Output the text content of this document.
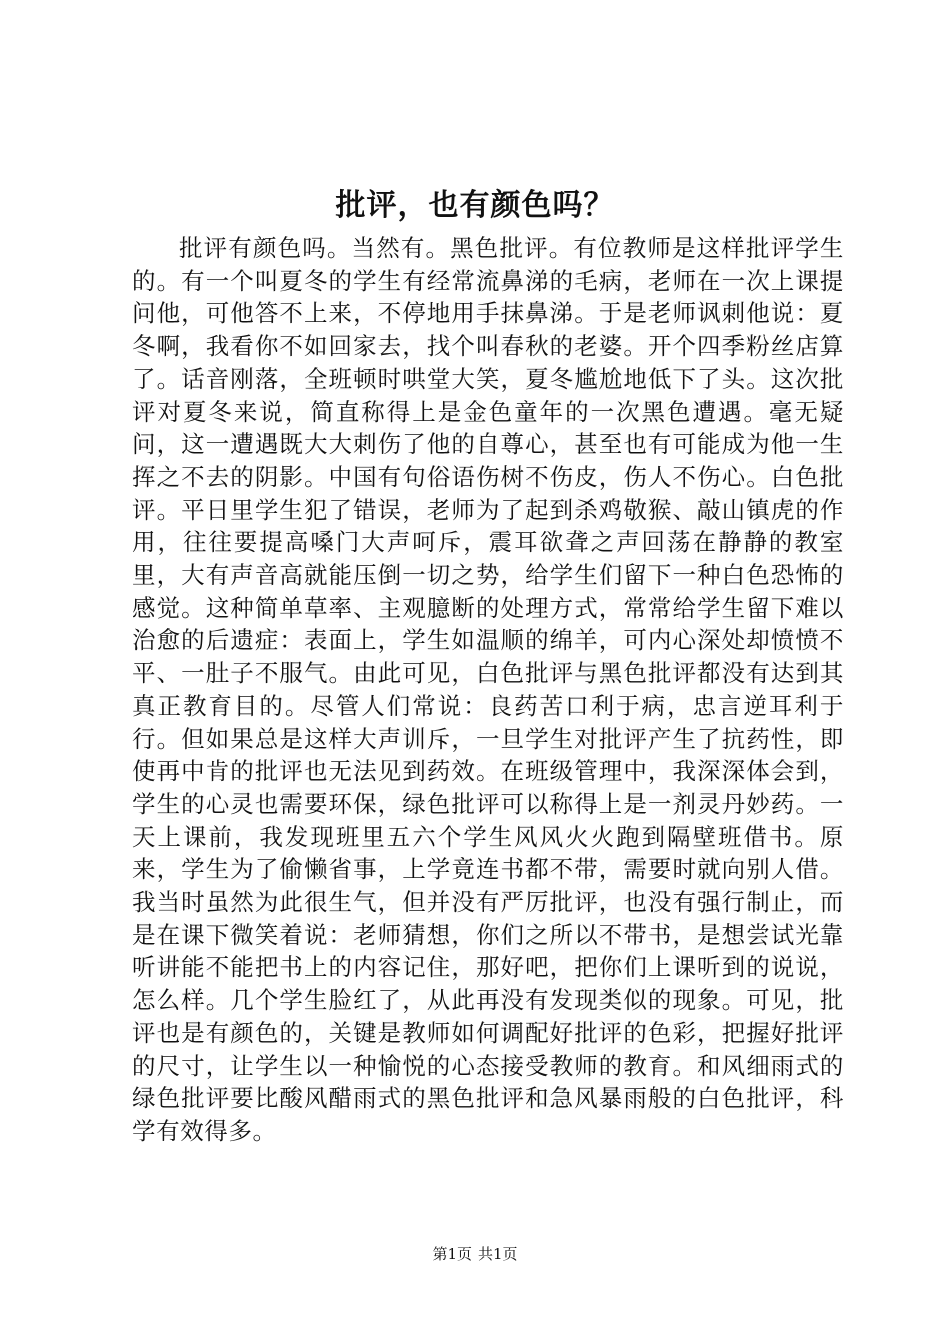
批评，也有颜色吗？

批评有颜色吗。当然有。黑色批评。有位教师是这样批评学生的。有一个叫夏冬的学生有经常流鼻涕的毛病，老师在一次上课提问他，可他答不上来，不停地用手抹鼻涕。于是老师讽刺他说：夏冬啊，我看你不如回家去，找个叫春秋的老婆。开个四季粉丝店算了。话音刚落，全班顿时哄堂大笑，夏冬尴尬地低下了头。这次批评对夏冬来说，简直称得上是金色童年的一次黑色遭遇。毫无疑问，这一遭遇既大大刺伤了他的自尊心，甚至也有可能成为他一生挥之不去的阴影。中国有句俗语伤树不伤皮，伤人不伤心。白色批评。平日里学生犯了错误，老师为了起到杀鸡敬猴、敲山镇虎的作用，往往要提高嗓门大声呵斥，震耳欲聋之声回荡在静静的教室里，大有声音高就能压倒一切之势，给学生们留下一种白色恐怖的感觉。这种简单草率、主观臆断的处理方式，常常给学生留下难以治愈的后遗症：表面上，学生如温顺的绵羊，可内心深处却愤愤不平、一肚子不服气。由此可见，白色批评与黑色批评都没有达到其真正教育目的。尽管人们常说：良药苦口利于病，忠言逆耳利于行。但如果总是这样大声训斥，一旦学生对批评产生了抗药性，即使再中肯的批评也无法见到药效。在班级管理中，我深深体会到，学生的心灵也需要环保，绿色批评可以称得上是一剂灵丹妙药。一天上课前，我发现班里五六个学生风风火火跑到隔壁班借书。原来，学生为了偷懒省事，上学竟连书都不带，需要时就向别人借。我当时虽然为此很生气，但并没有严厉批评，也没有强行制止，而是在课下微笑着说：老师猜想，你们之所以不带书，是想尝试光靠听讲能不能把书上的内容记住，那好吧，把你们上课听到的说说，怎么样。几个学生脸红了，从此再没有发现类似的现象。可见，批评也是有颜色的，关键是教师如何调配好批评的色彩，把握好批评的尺寸，让学生以一种愉悦的心态接受教师的教育。和风细雨式的绿色批评要比酸风醋雨式的黑色批评和急风暴雨般的白色批评，科学有效得多。

第1页 共1页
